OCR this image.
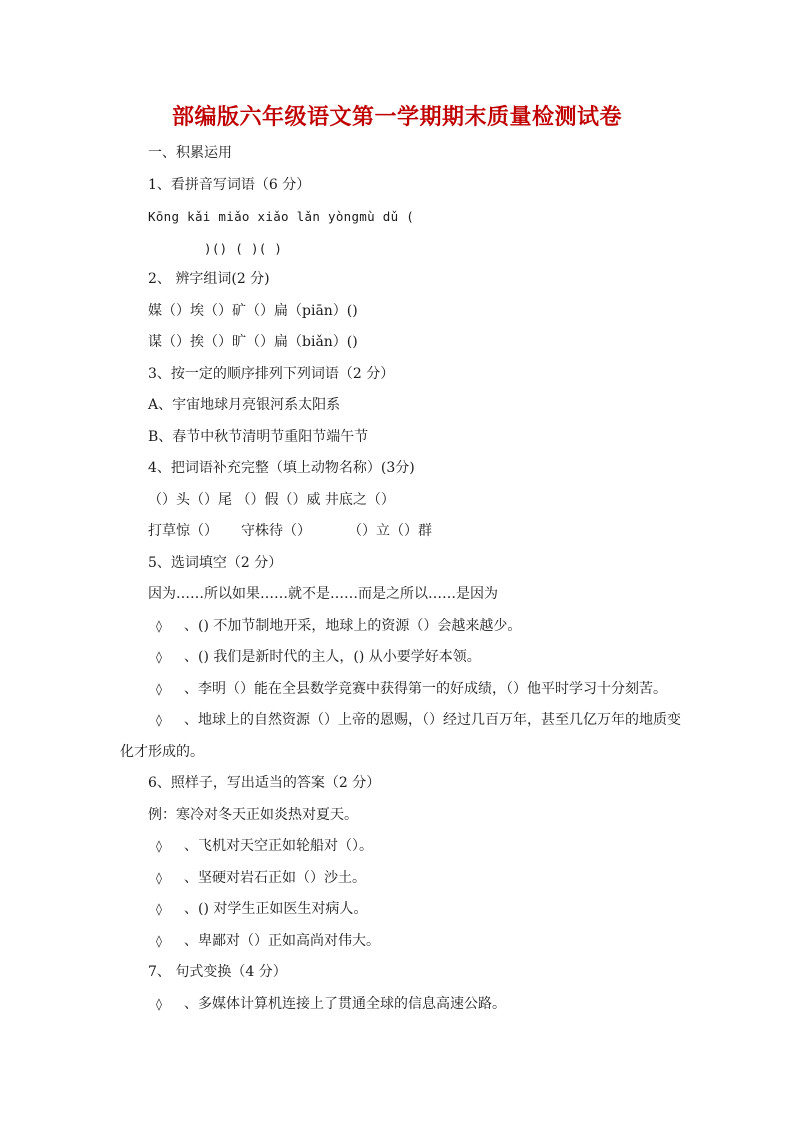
部编版六年级语文第一学期期末质量检测试卷
一、积累运用
1、看拼音写词语（6 分）
Kōng kǎi miǎo xiǎo lǎn yòngmù dǔ (
)() ( )( )
2、 辨字组词(2 分)
媒（）埃（）矿（）扁（piān）()
谋（）挨（）旷（）扁（biǎn）()
3、按一定的顺序排列下列词语（2 分）
A、宇宙地球月亮银河系太阳系
B、春节中秋节清明节重阳节端午节
4、把词语补充完整（填上动物名称）(3分)
（）头（）尾 （）假（）威 井底之（）
打草惊（） 守株待（）	（）立（）群
5、选词填空（2 分）
因为……所以如果……就不是……而是之所以……是因为
◊ 、() 不加节制地开采，地球上的资源（）会越来越少。
◊ 、() 我们是新时代的主人，() 从小要学好本领。
◊ 、李明（）能在全县数学竞赛中获得第一的好成绩，（）他平时学习十分刻苦。
◊ 、地球上的自然资源（）上帝的恩赐，（）经过几百万年，甚至几亿万年的地质变
化才形成的。
6、照样子，写出适当的答案（2 分）
例：寒冷对冬天正如炎热对夏天。
◊ 、飞机对天空正如轮船对（）。
◊ 、坚硬对岩石正如（）沙土。
◊ 、() 对学生正如医生对病人。
◊ 、卑鄙对（）正如高尚对伟大。
7、 句式变换（4 分）
◊ 、多媒体计算机连接上了贯通全球的信息高速公路。
